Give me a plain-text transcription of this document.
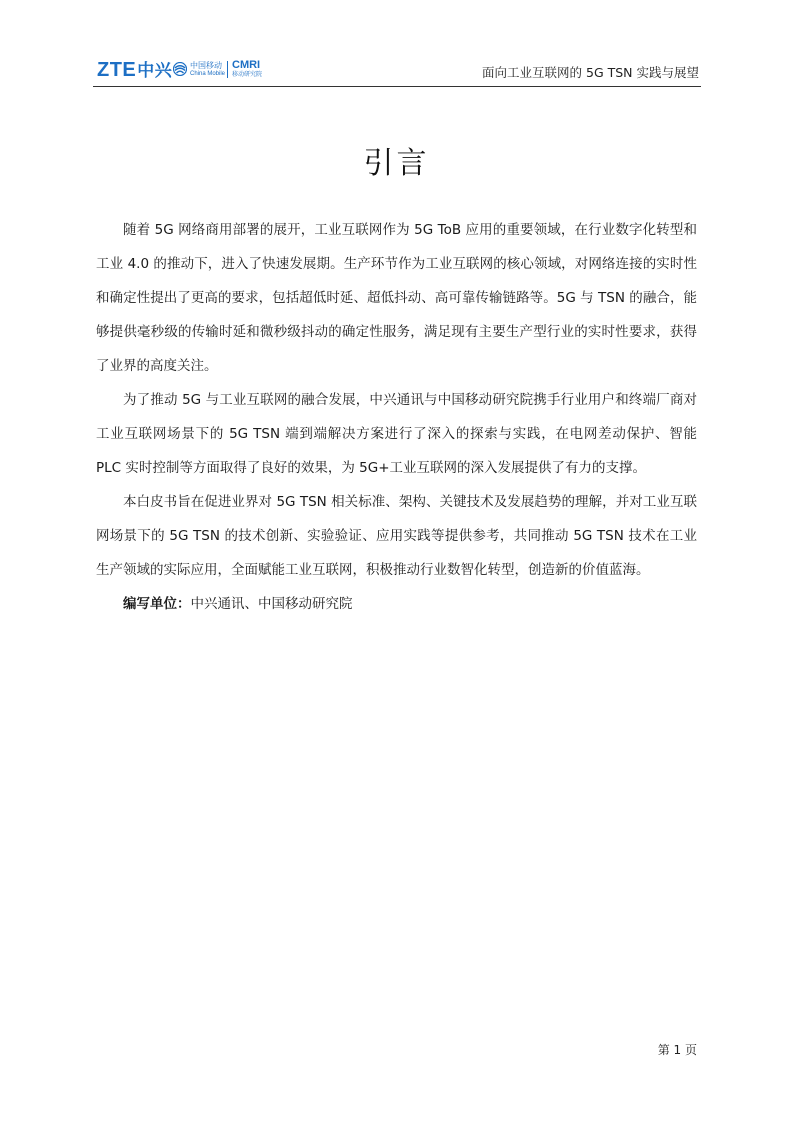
ZTE中兴 中国移动
China Mobile
CMRI
移动研究院	面向工业互联网的 5G TSN 实践与展望
引言

随着 5G 网络商用部署的展开，工业互联网作为 5G ToB 应用的重要领域，在行业数字化转型和工业 4.0 的推动下，进入了快速发展期。生产环节作为工业互联网的核心领域，对网络连接的实时性和确定性提出了更高的要求，包括超低时延、超低抖动、高可靠传输链路等。5G 与 TSN 的融合，能够提供毫秒级的传输时延和微秒级抖动的确定性服务，满足现有主要生产型行业的实时性要求，获得了业界的高度关注。

为了推动 5G 与工业互联网的融合发展，中兴通讯与中国移动研究院携手行业用户和终端厂商对工业互联网场景下的 5G TSN 端到端解决方案进行了深入的探索与实践，在电网差动保护、智能 PLC 实时控制等方面取得了良好的效果，为 5G+工业互联网的深入发展提供了有力的支撑。

本白皮书旨在促进业界对 5G TSN 相关标准、架构、关键技术及发展趋势的理解，并对工业互联网场景下的 5G TSN 的技术创新、实验验证、应用实践等提供参考，共同推动 5G TSN 技术在工业生产领域的实际应用，全面赋能工业互联网，积极推动行业数智化转型，创造新的价值蓝海。

编写单位：中兴通讯、中国移动研究院

第 1 页
